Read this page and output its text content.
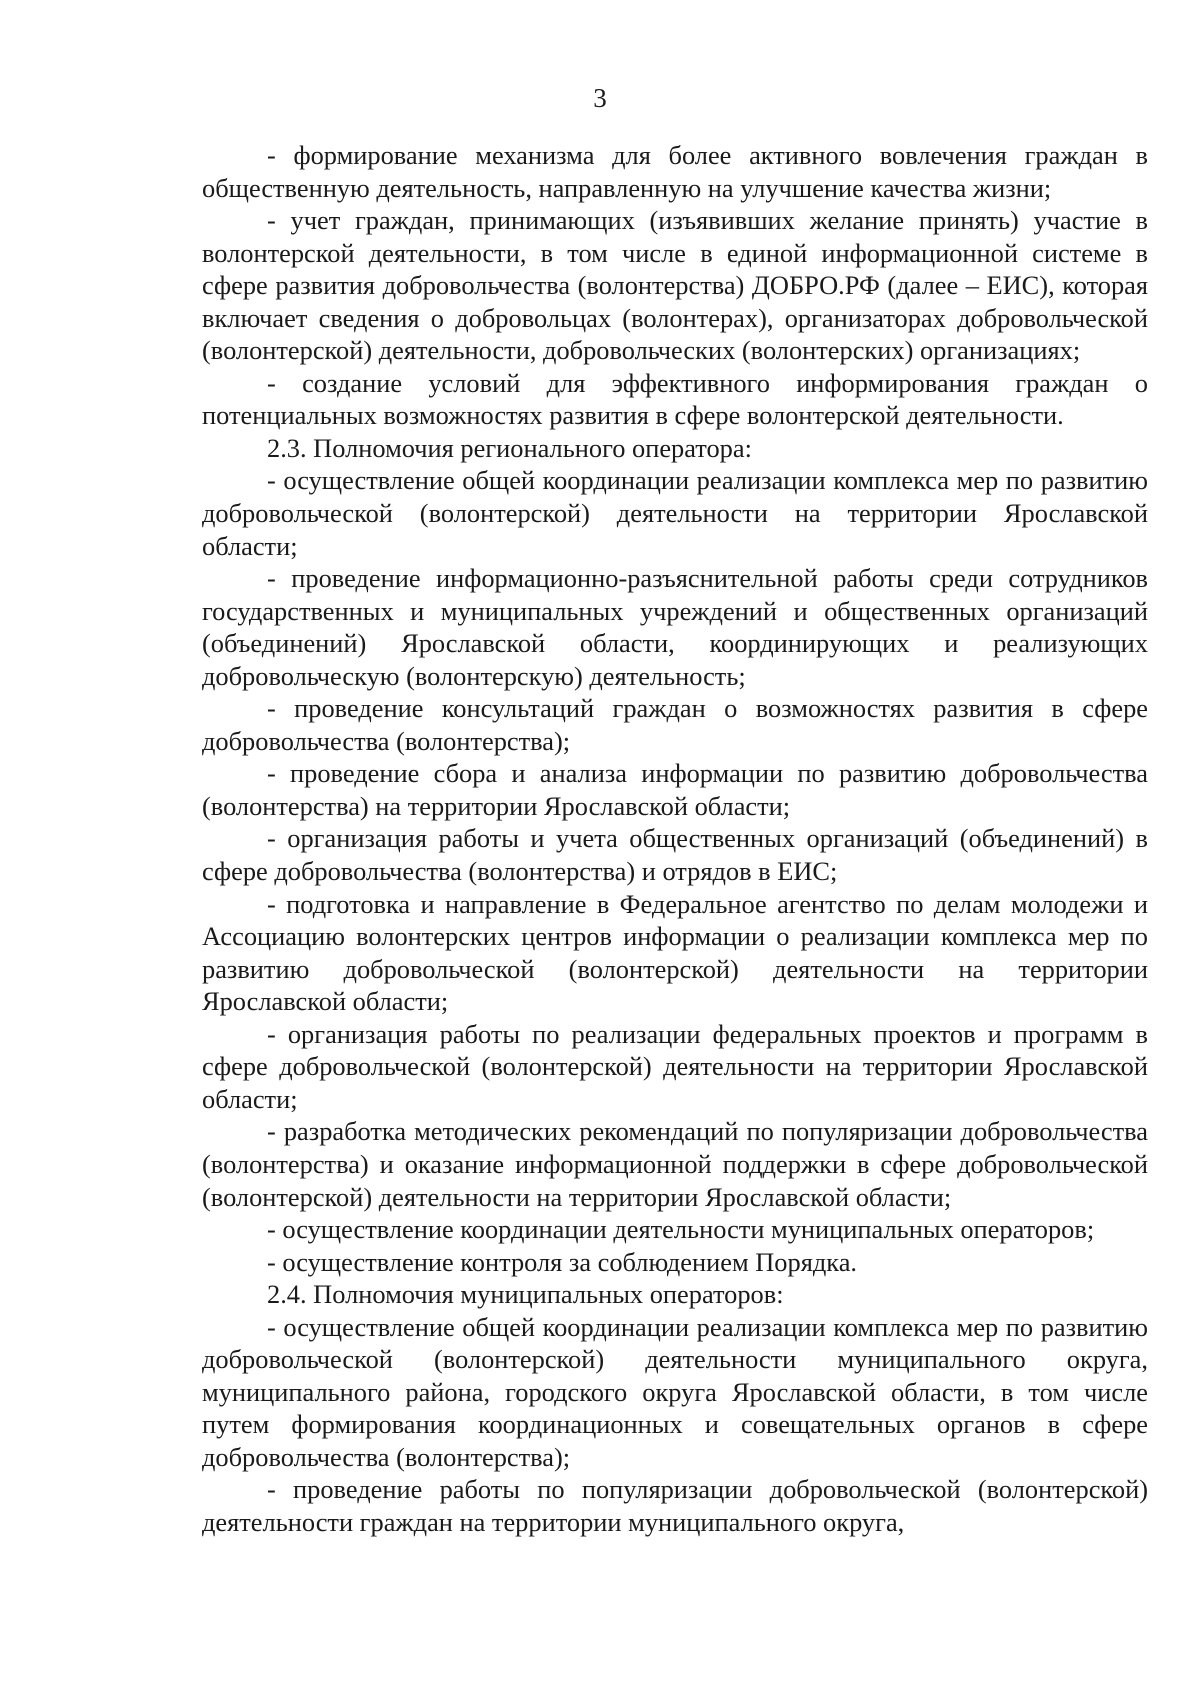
3

- формирование механизма для более активного вовлечения граждан в общественную деятельность, направленную на улучшение качества жизни;

- учет граждан, принимающих (изъявивших желание принять) участие в волонтерской деятельности, в том числе в единой информационной системе в сфере развития добровольчества (волонтерства) ДОБРО.РФ (далее – ЕИС), которая включает сведения о добровольцах (волонтерах), организаторах добровольческой (волонтерской) деятельности, добровольческих (волонтерских) организациях;

- создание условий для эффективного информирования граждан о потенциальных возможностях развития в сфере волонтерской деятельности.

2.3. Полномочия регионального оператора:

- осуществление общей координации реализации комплекса мер по развитию добровольческой (волонтерской) деятельности на территории Ярославской области;

- проведение информационно-разъяснительной работы среди сотрудников государственных и муниципальных учреждений и общественных организаций (объединений) Ярославской области, координирующих и реализующих добровольческую (волонтерскую) деятельность;

- проведение консультаций граждан о возможностях развития в сфере добровольчества (волонтерства);

- проведение сбора и анализа информации по развитию добровольчества (волонтерства) на территории Ярославской области;

- организация работы и учета общественных организаций (объединений) в сфере добровольчества (волонтерства) и отрядов в ЕИС;

- подготовка и направление в Федеральное агентство по делам молодежи и Ассоциацию волонтерских центров информации о реализации комплекса мер по развитию добровольческой (волонтерской) деятельности на территории Ярославской области;

- организация работы по реализации федеральных проектов и программ в сфере добровольческой (волонтерской) деятельности на территории Ярославской области;

- разработка методических рекомендаций по популяризации добровольчества (волонтерства) и оказание информационной поддержки в сфере добровольческой (волонтерской) деятельности на территории Ярославской области;

- осуществление координации деятельности муниципальных операторов;

- осуществление контроля за соблюдением Порядка.

2.4. Полномочия муниципальных операторов:

- осуществление общей координации реализации комплекса мер по развитию добровольческой (волонтерской) деятельности муниципального округа, муниципального района, городского округа Ярославской области, в том числе путем формирования координационных и совещательных органов в сфере добровольчества (волонтерства);

- проведение работы по популяризации добровольческой (волонтерской) деятельности граждан на территории муниципального округа,
